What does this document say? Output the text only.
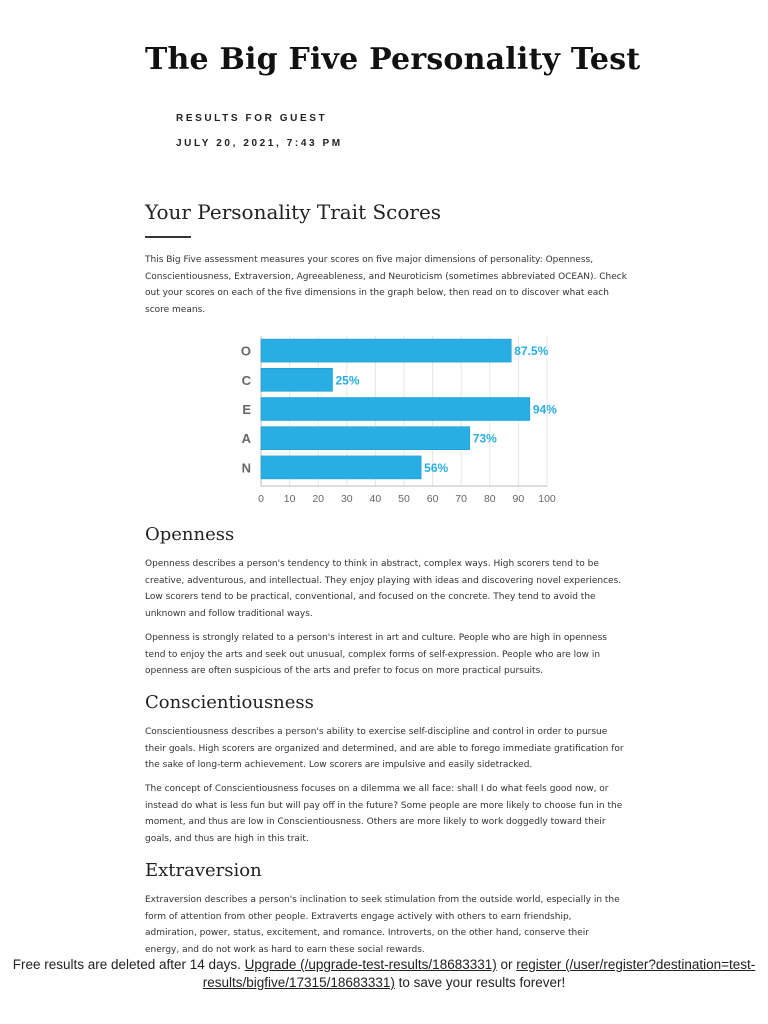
The Big Five Personality Test
RESULTS FOR GUEST
JULY 20, 2021, 7:43 PM
Your Personality Trait Scores

This Big Five assessment measures your scores on five major dimensions of personality: Openness, Conscientiousness, Extraversion, Agreeableness, and Neuroticism (sometimes abbreviated OCEAN). Check out your scores on each of the five dimensions in the graph below, then read on to discover what each score means.

O	87.5%
C	25%
E	94%
A	73%
N	56%
0 10 20 30 40 50 60 70 80 90 100
Openness

Openness describes a person's tendency to think in abstract, complex ways. High scorers tend to be creative, adventurous, and intellectual. They enjoy playing with ideas and discovering novel experiences. Low scorers tend to be practical, conventional, and focused on the concrete. They tend to avoid the unknown and follow traditional ways.

Openness is strongly related to a person's interest in art and culture. People who are high in openness tend to enjoy the arts and seek out unusual, complex forms of self-expression. People who are low in openness are often suspicious of the arts and prefer to focus on more practical pursuits.

Conscientiousness

Conscientiousness describes a person's ability to exercise self-discipline and control in order to pursue their goals. High scorers are organized and determined, and are able to forego immediate gratification for the sake of long-term achievement. Low scorers are impulsive and easily sidetracked.

The concept of Conscientiousness focuses on a dilemma we all face: shall I do what feels good now, or instead do what is less fun but will pay off in the future? Some people are more likely to choose fun in the moment, and thus are low in Conscientiousness. Others are more likely to work doggedly toward their goals, and thus are high in this trait.

Extraversion

Extraversion describes a person's inclination to seek stimulation from the outside world, especially in the form of attention from other people. Extraverts engage actively with others to earn friendship, admiration, power, status, excitement, and romance. Introverts, on the other hand, conserve their energy, and do not work as hard to earn these social rewards.

Free results are deleted after 14 days. Upgrade (/upgrade-test-results/18683331) or register (/user/register?destination=test-results/bigfive/17315/18683331) to save your results forever!
